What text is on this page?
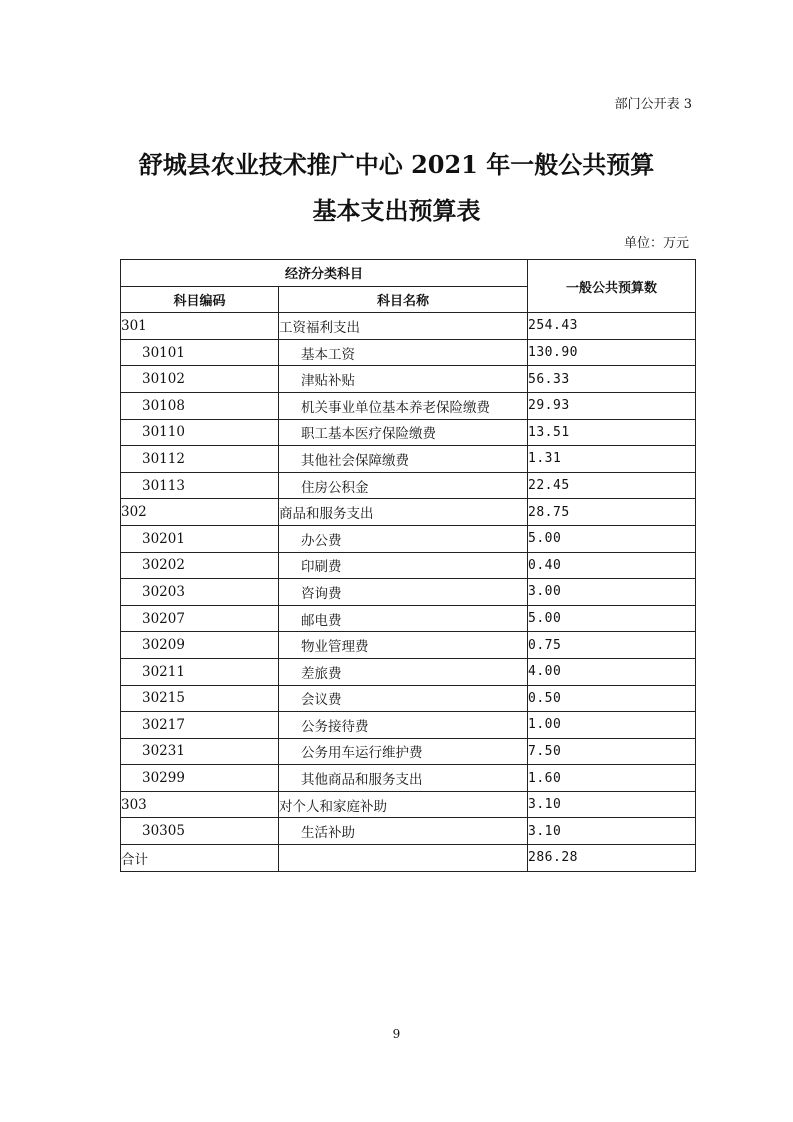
部门公开表 3
舒城县农业技术推广中心 2021 年一般公共预算
基本支出预算表
单位：万元
经济分类科目		一般公共预算数
科目编码	科目名称	
301	工资福利支出	254.43
30101	基本工资	130.90
30102	津贴补贴	56.33
30108	机关事业单位基本养老保险缴费	29.93
30110	职工基本医疗保险缴费	13.51
30112	其他社会保障缴费	1.31
30113	住房公积金	22.45
302	商品和服务支出	28.75
30201	办公费	5.00
30202	印刷费	0.40
30203	咨询费	3.00
30207	邮电费	5.00
30209	物业管理费	0.75
30211	差旅费	4.00
30215	会议费	0.50
30217	公务接待费	1.00
30231	公务用车运行维护费	7.50
30299	其他商品和服务支出	1.60
303	对个人和家庭补助	3.10
30305	生活补助	3.10
合计		286.28
9
